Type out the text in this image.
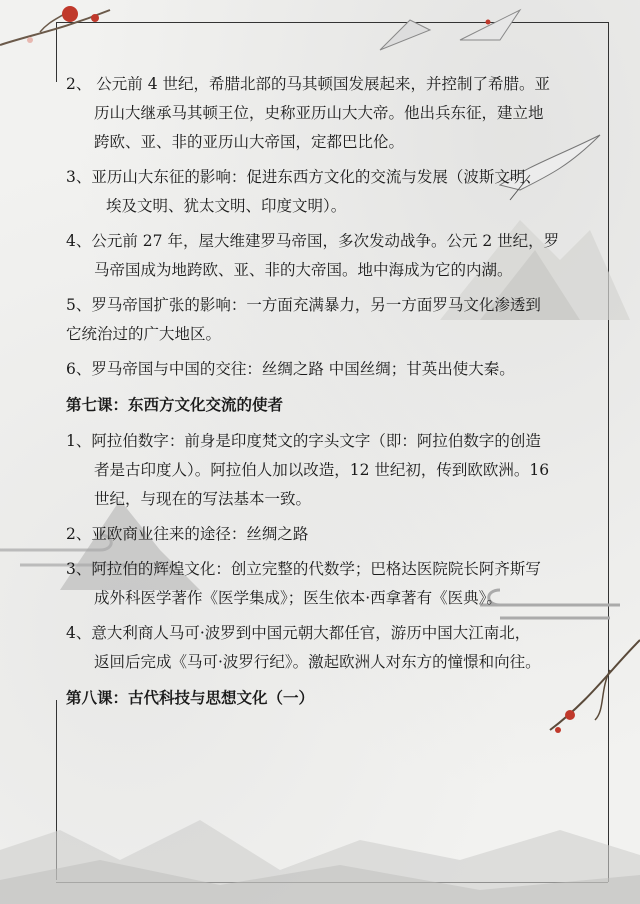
2、 公元前 4 世纪，希腊北部的马其顿国发展起来，并控制了希腊。亚
历山大继承马其顿王位，史称亚历山大大帝。他出兵东征，建立地
跨欧、亚、非的亚历山大帝国，定都巴比伦。
3、亚历山大东征的影响：促进东西方文化的交流与发展（波斯文明、
埃及文明、犹太文明、印度文明）。
4、公元前 27 年，屋大维建罗马帝国，多次发动战争。公元 2 世纪，罗
马帝国成为地跨欧、亚、非的大帝国。地中海成为它的内湖。
5、罗马帝国扩张的影响：一方面充满暴力，另一方面罗马文化渗透到
它统治过的广大地区。
6、罗马帝国与中国的交往：丝绸之路 中国丝绸；甘英出使大秦。
第七课：东西方文化交流的使者
1、阿拉伯数字：前身是印度梵文的字头文字（即：阿拉伯数字的创造
者是古印度人）。阿拉伯人加以改造，12 世纪初，传到欧欧洲。16
世纪，与现在的写法基本一致。
2、亚欧商业往来的途径：丝绸之路
3、阿拉伯的辉煌文化：创立完整的代数学；巴格达医院院长阿齐斯写
成外科医学著作《医学集成》；医生依本·西拿著有《医典》。
4、意大利商人马可·波罗到中国元朝大都任官，游历中国大江南北，
返回后完成《马可·波罗行纪》。激起欧洲人对东方的憧憬和向往。
第八课：古代科技与思想文化（一）
